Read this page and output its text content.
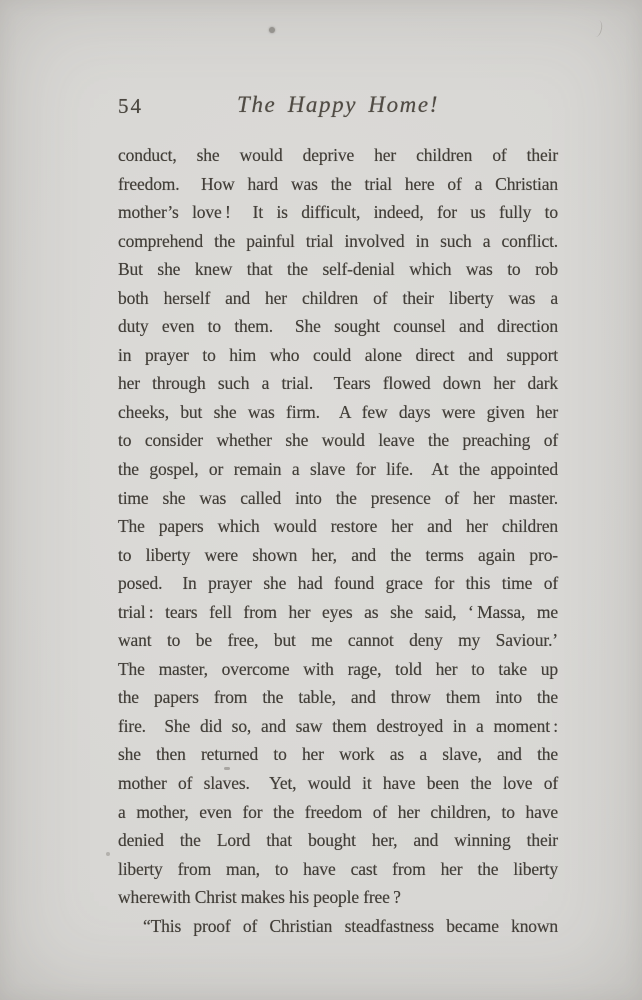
54	The Happy Home!
conduct, she would deprive her children of their
freedom.  How hard was the trial here of a Christian
mother’s love !  It is difficult, indeed, for us fully to
comprehend the painful trial involved in such a conflict.
But she knew that the self-denial which was to rob
both herself and her children of their liberty was a
duty even to them.  She sought counsel and direction
in prayer to him who could alone direct and support
her through such a trial.  Tears flowed down her dark
cheeks, but she was firm.  A few days were given her
to consider whether she would leave the preaching of
the gospel, or remain a slave for life.  At the appointed
time she was called into the presence of her master.
The papers which would restore her and her children
to liberty were shown her, and the terms again pro-
posed.  In prayer she had found grace for this time of
trial : tears fell from her eyes as she said, ‘ Massa, me
want to be free, but me cannot deny my Saviour.’
The master, overcome with rage, told her to take up
the papers from the table, and throw them into the
fire.  She did so, and saw them destroyed in a moment :
she then returned to her work as a slave, and the
mother of slaves.  Yet, would it have been the love of
a mother, even for the freedom of her children, to have
denied the Lord that bought her, and winning their
liberty from man, to have cast from her the liberty
wherewith Christ makes his people free ?
“This proof of Christian steadfastness became known
